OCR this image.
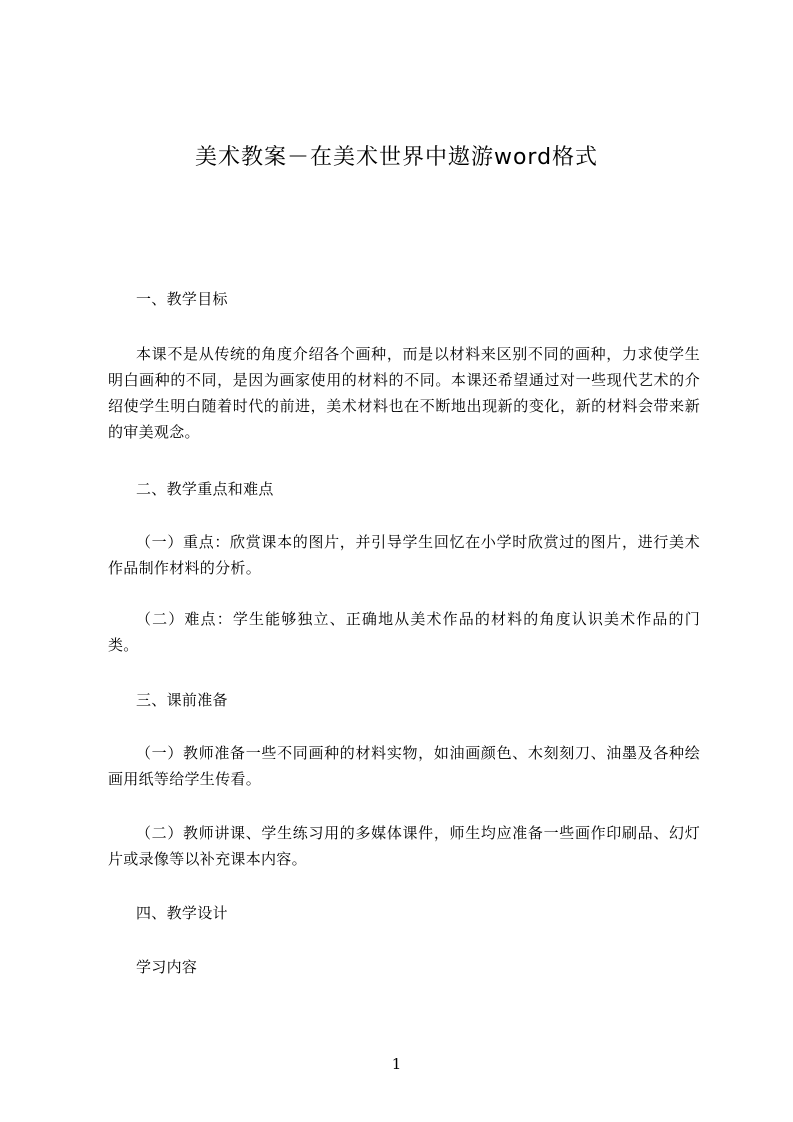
美术教案－在美术世界中遨游word格式

一、教学目标

本课不是从传统的角度介绍各个画种，而是以材料来区别不同的画种，力求使学生明白画种的不同，是因为画家使用的材料的不同。本课还希望通过对一些现代艺术的介绍使学生明白随着时代的前进，美术材料也在不断地出现新的变化，新的材料会带来新的审美观念。

二、教学重点和难点

（一）重点：欣赏课本的图片，并引导学生回忆在小学时欣赏过的图片，进行美术作品制作材料的分析。

（二）难点：学生能够独立、正确地从美术作品的材料的角度认识美术作品的门类。

三、课前准备

（一）教师准备一些不同画种的材料实物，如油画颜色、木刻刻刀、油墨及各种绘画用纸等给学生传看。

（二）教师讲课、学生练习用的多媒体课件，师生均应准备一些画作印刷品、幻灯片或录像等以补充课本内容。

四、教学设计

学习内容

1
